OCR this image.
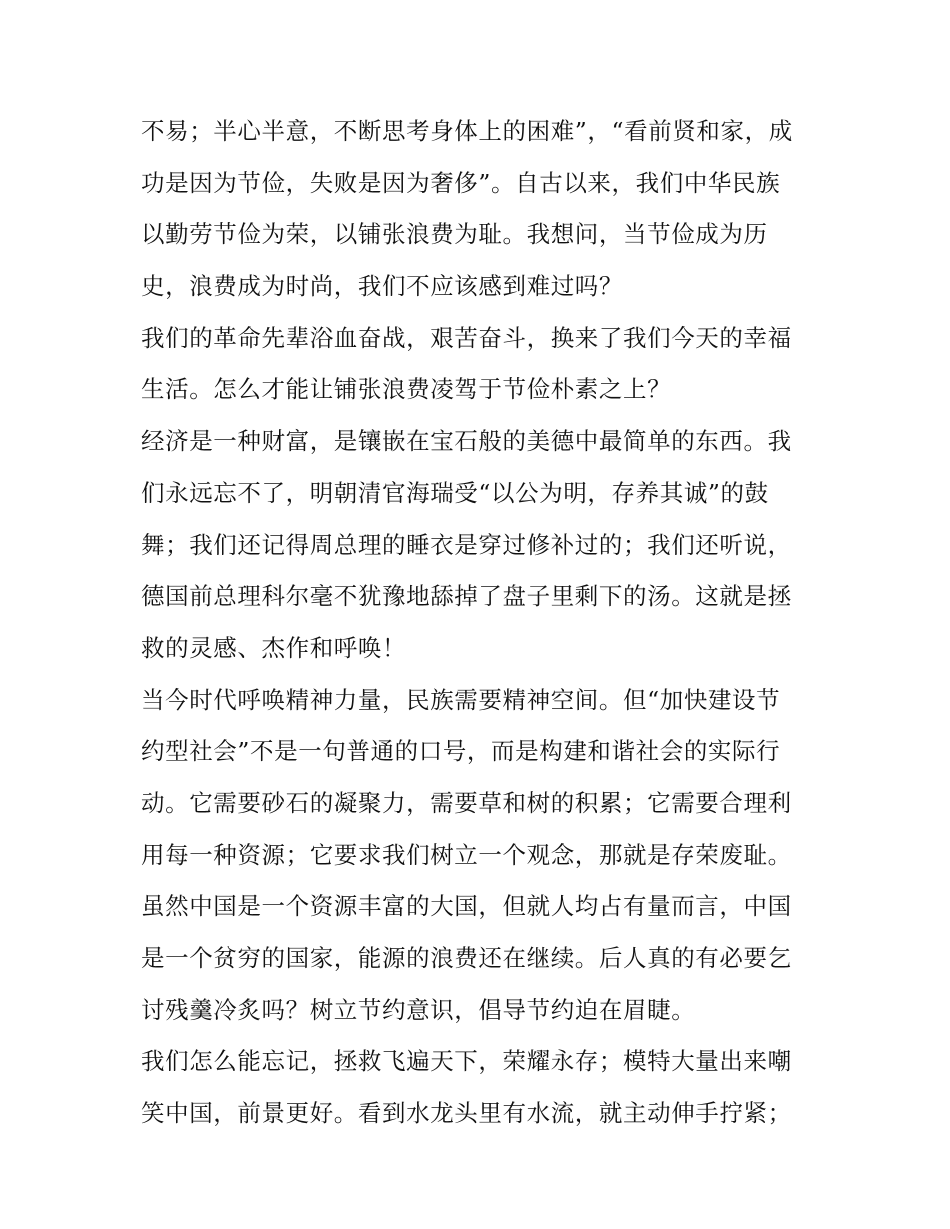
不易；半心半意，不断思考身体上的困难”，“看前贤和家，成
功是因为节俭，失败是因为奢侈”。自古以来，我们中华民族
以勤劳节俭为荣，以铺张浪费为耻。我想问，当节俭成为历
史，浪费成为时尚，我们不应该感到难过吗？
我们的革命先辈浴血奋战，艰苦奋斗，换来了我们今天的幸福
生活。怎么才能让铺张浪费凌驾于节俭朴素之上？
经济是一种财富，是镶嵌在宝石般的美德中最简单的东西。我
们永远忘不了，明朝清官海瑞受“以公为明，存养其诚”的鼓
舞；我们还记得周总理的睡衣是穿过修补过的；我们还听说，
德国前总理科尔毫不犹豫地舔掉了盘子里剩下的汤。这就是拯
救的灵感、杰作和呼唤！
当今时代呼唤精神力量，民族需要精神空间。但“加快建设节
约型社会”不是一句普通的口号，而是构建和谐社会的实际行
动。它需要砂石的凝聚力，需要草和树的积累；它需要合理利
用每一种资源；它要求我们树立一个观念，那就是存荣废耻。
虽然中国是一个资源丰富的大国，但就人均占有量而言，中国
是一个贫穷的国家，能源的浪费还在继续。后人真的有必要乞
讨残羹冷炙吗？树立节约意识，倡导节约迫在眉睫。
我们怎么能忘记，拯救飞遍天下，荣耀永存；模特大量出来嘲
笑中国，前景更好。看到水龙头里有水流，就主动伸手拧紧；
